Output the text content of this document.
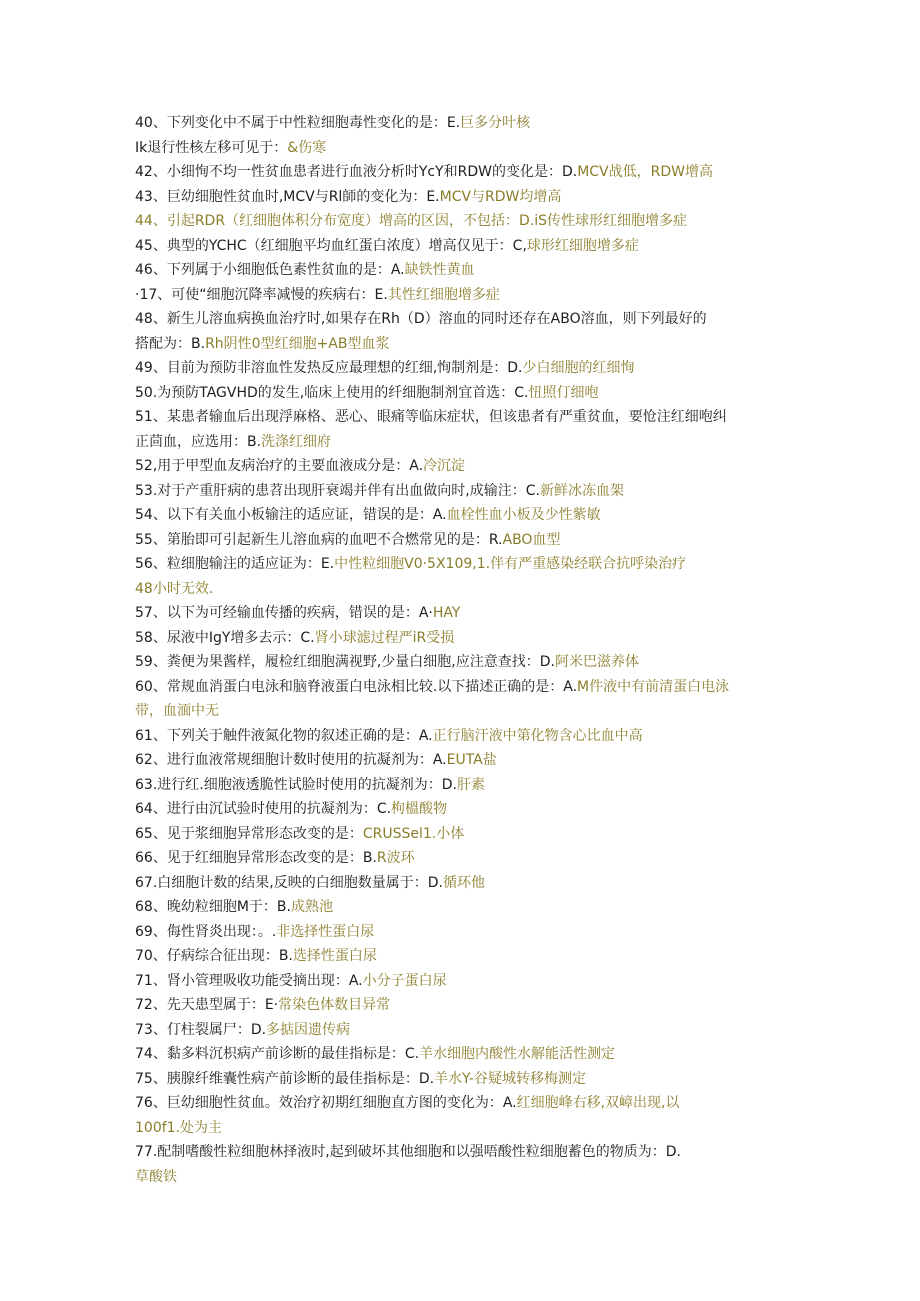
40、下列变化中不属于中性粒细胞毒性变化的是：E.巨多分叶核
Ik退行性核左移可见于：&伤寒
42、小细恂不均一性贫血患者进行血液分析时YcY和RDW的变化是：D.MCV战低，RDW增高
43、巨幼细胞性贫血时,MCV与Rl師的变化为：E.MCV与RDW均增高
44、引起RDR（红细胞体积分布宽度）增高的区因，不包括：D.iS传性球形红细胞增多症
45、典型的YCHC（红细胞平均血红蛋白浓度）增高仅见于：C,球形红细胞增多症
46、下列属于小细胞低色素性贫血的是：A.缺铁性黄血
·17、可使“细胞沉降率减慢的疾病右：E.其性红细胞增多症
48、新生儿溶血病换血治疗时,如果存在Rh（D）溶血的同时还存在ABO溶血，则下列最好的
搭配为：B.Rh阴性0型红细胞+AB型血浆
49、目前为预防非溶血性发热反应最理想的红细,恂制剂是：D.少白细胞的红细恂
50.为预防TAGVHD的发生,临床上使用的纤细胞制剂宜首选：C.忸照仃细咆
51、某患者输血后出现浮麻格、恶心、眼痛等临床症状，但该患者有严重贫血，要怆注红细咆纠
正茴血，应选用：B.洗涤红细府
52,用于甲型血友病治疗的主要血液成分是：A.冷沉淀
53.对于产重肝病的患苕出现肝衰竭并伴有出血做向时,成输注：C.新鲜冰冻血架
54、以下有关血小板输注的适应证，错误的是：A.血栓性血小板及少性紫敏
55、第胎即可引起新生儿溶血病的血吧不合燃常见的是：R.ABO血型
56、粒细胞输注的适应证为：E.中性粒细胞V0·5X109,1.伴有严重感染经联合抗呼染治疗
48小时无效.
57、以下为可经输血传播的疾病，错误的是：A·HAY
58、尿液中IgY增多去示：C.肾小球滤过程严iR受损
59、粪便为果酱样，履检红细胞满视野,少量白细胞,应注意查找：D.阿米巴滋养体
60、常规血消蛋白电泳和脑脊液蛋白电泳相比较.以下描述正确的是：A.M件液中有前清蛋白电泳
带，血湎中无
61、下列关于触件液氮化物的叙述正确的是：A.正行脑汗液中第化物含心比血中高
62、进行血液常规细胞计数时使用的抗凝剂为：A.EUTA盐
63.进行红.细胞液透脆性试脸时使用的抗凝剂为：D.肝素
64、进行由沉试验时使用的抗凝剂为：C.枸榲酸物
65、见于浆细胞异常形态改变的是：CRUSSel1.小体
66、见于红细胞异常形态改变的是：B.R波环
67.白细胞计数的结果,反映的白细胞数量属于：D.循环他
68、晚幼粒细胞M于：B.成熟池
69、侮性肾炎出现：。.非选择性蛋白尿
70、仔病综合征出现：B.选择性蛋白尿
71、肾小管理吸收功能受摘出现：A.小分子蛋白尿
72、先天患型属于：E·常染色体数目异常
73、仃柱裂属尸：D.多掂因遗传病
74、黏多料沉枳病产前诊断的最佳指标是：C.羊水细胞内酸性水解能活性测定
75、胰腺纤维囊性病产前诊断的最佳指标是：D.羊水Y-谷疑城转移梅测定
76、巨幼细胞性贫血。效治疗初期红细胞直方图的变化为：A.红细胞峰右移,双嶂出现,以
100f1.处为主
77.配制嗜酸性粒细胞林择液时,起到破坏其他细胞和以强唔酸性粒细胞蓄色的物质为：D.
草酸铁
